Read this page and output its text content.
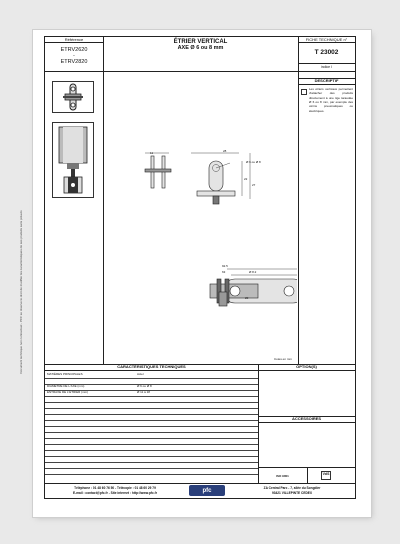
Document technique non contractuel - PFC se réserve le droit de modifier les caractéristiques de ses produits sans préavis
Référence
ETRV2620
-
ETRV2820
ÉTRIER VERTICAL
AXE Ø 6 ou 8 mm
FICHE TECHNIQUE n°
T 23002
indice I
DESCRIPTIF
Les étriers verticaux permettent d'attacher des produits directement à une tige taraudée Ø 6 ou 8 mm, par exemple des vérins pneumatiques ou électriques.
11	28
Ø 6 ou Ø 8
22
27
92.5
63	Ø 8.2
20
Cotes en mm
CARACTÉRISTIQUES TECHNIQUES	OPTION(S)
MATIÈRES PRINCIPALES	Acier
DIAMÈTRE DE L'AXE (mm)	Ø 6 ou Ø 8
ENTRAXE DE L'ÉTRIER (mm)	Ø 11 à 18
ACCESSOIRES
ISO 9001	VdS
Téléphone : 01 48 60 76 50 - Télécopie : 01 48 60 29 79
E-mail : contact@pfc.fr - Site internet : http://www.pfc.fr	pfc	ZA Central Parc - 7, allée du Songdier
93421 VILLEPINTE CEDEX
